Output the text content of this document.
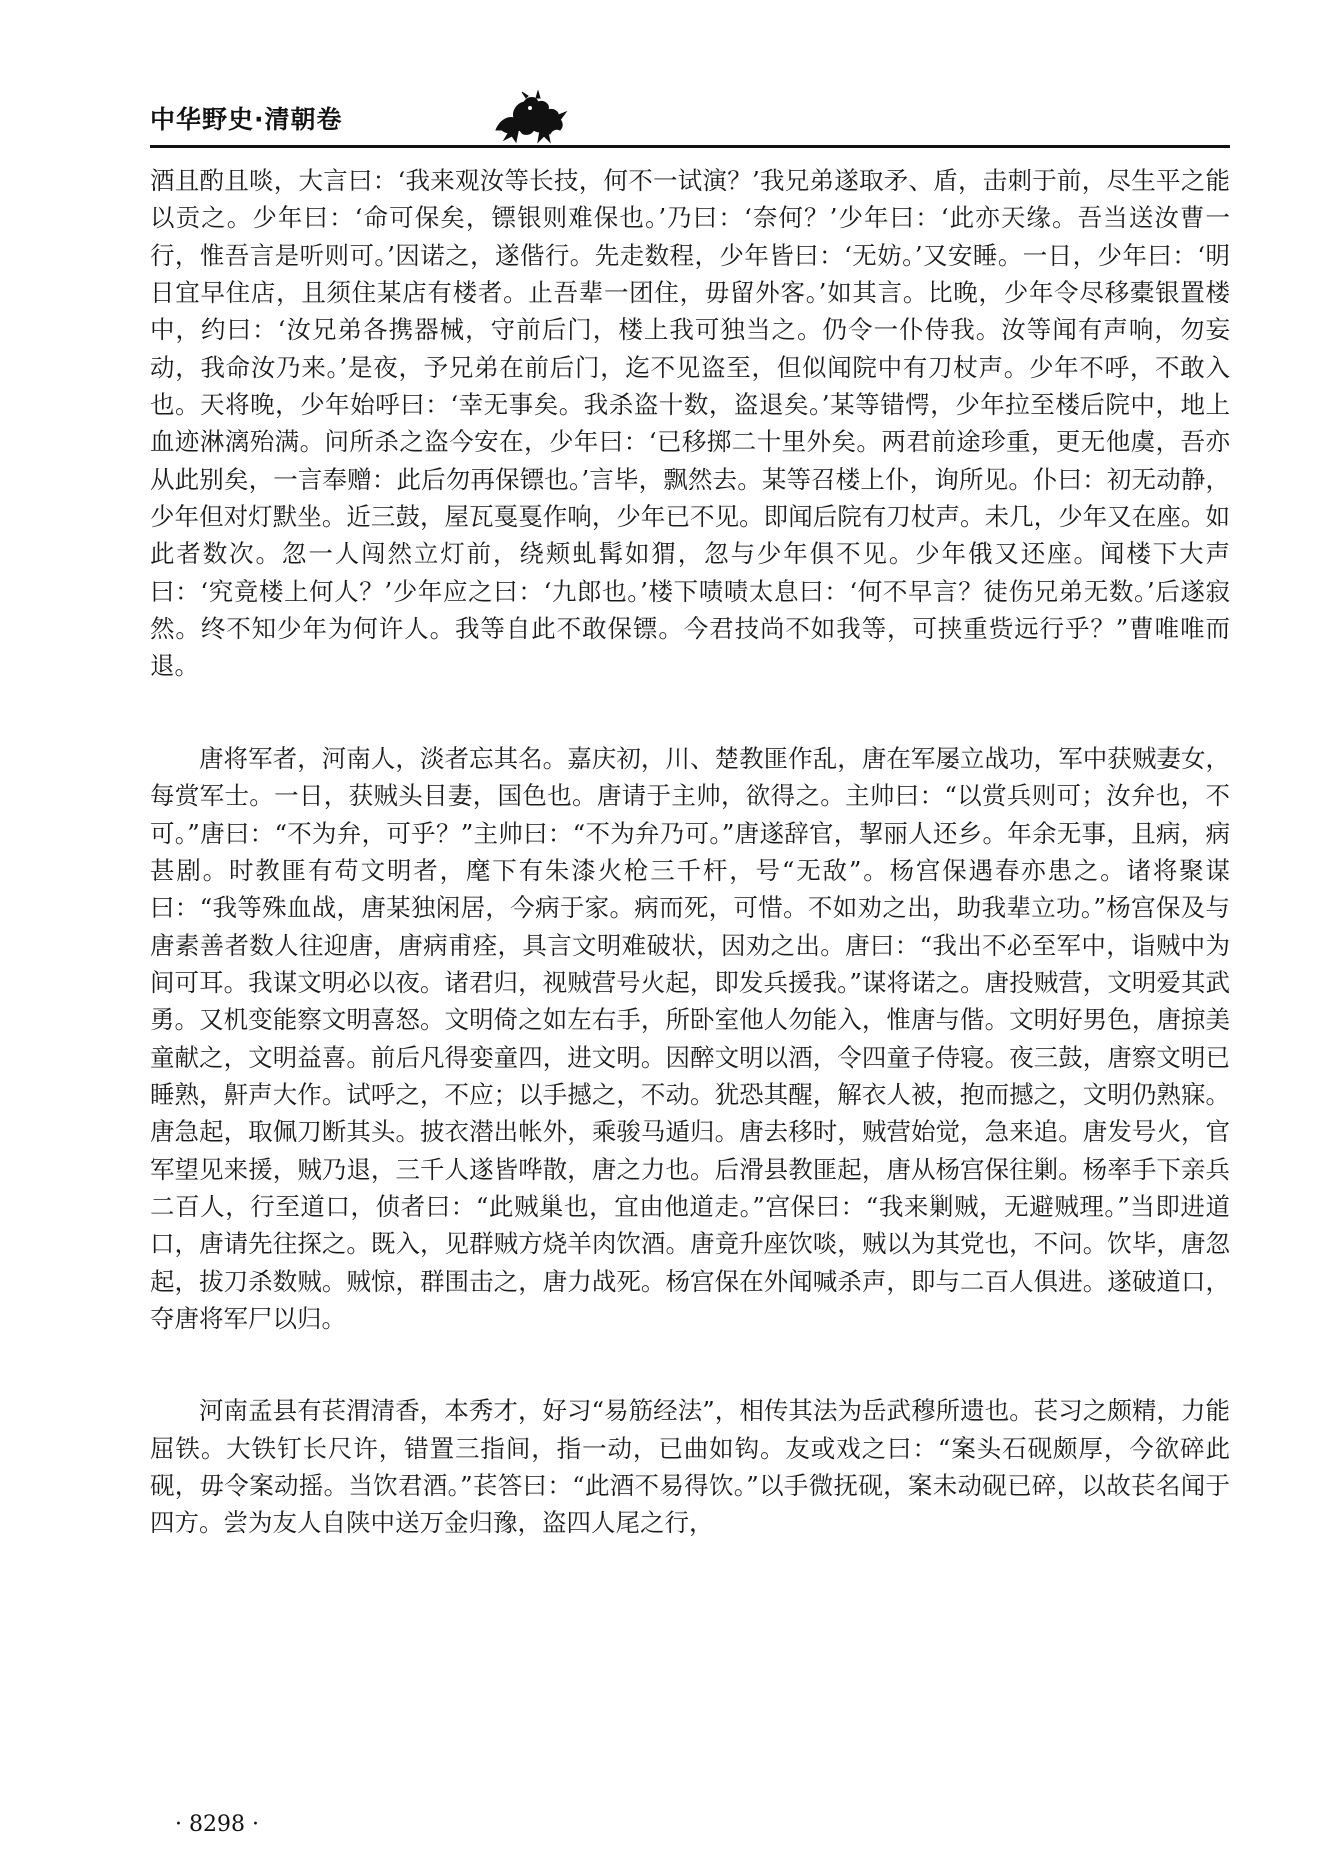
中华野史·清朝卷

酒且酌且啖，大言曰：‘我来观汝等长技，何不一试演？’我兄弟遂取矛、盾，击刺于前，尽生平之能以贡之。少年曰：‘命可保矣，镖银则难保也。’乃曰：‘奈何？’少年曰：‘此亦天缘。吾当送汝曹一行，惟吾言是听则可。’因诺之，遂偕行。先走数程，少年皆曰：‘无妨。’又安睡。一日，少年曰：‘明日宜早住店，且须住某店有楼者。止吾辈一团住，毋留外客。’如其言。比晚，少年令尽移橐银置楼中，约曰：‘汝兄弟各携器械，守前后门，楼上我可独当之。仍令一仆侍我。汝等闻有声响，勿妄动，我命汝乃来。’是夜，予兄弟在前后门，迄不见盗至，但似闻院中有刀杖声。少年不呼，不敢入也。天将晚，少年始呼曰：‘幸无事矣。我杀盗十数，盗退矣。’某等错愕，少年拉至楼后院中，地上血迹淋漓殆满。问所杀之盗今安在，少年曰：‘已移掷二十里外矣。两君前途珍重，更无他虞，吾亦从此别矣，一言奉赠：此后勿再保镖也。’言毕，飘然去。某等召楼上仆，询所见。仆曰：初无动静，少年但对灯默坐。近三鼓，屋瓦戛戛作响，少年已不见。即闻后院有刀杖声。未几，少年又在座。如此者数次。忽一人闯然立灯前，绕颊虬髯如猬，忽与少年俱不见。少年俄又还座。闻楼下大声曰：‘究竟楼上何人？’少年应之曰：‘九郎也。’楼下啧啧太息曰：‘何不早言？徒伤兄弟无数。’后遂寂然。终不知少年为何许人。我等自此不敢保镖。今君技尚不如我等，可挟重赀远行乎？”曹唯唯而退。

唐将军者，河南人，淡者忘其名。嘉庆初，川、楚教匪作乱，唐在军屡立战功，军中获贼妻女，每赏军士。一日，获贼头目妻，国色也。唐请于主帅，欲得之。主帅曰：“以赏兵则可；汝弁也，不可。”唐曰：“不为弁，可乎？”主帅曰：“不为弁乃可。”唐遂辞官，挈丽人还乡。年余无事，且病，病甚剧。时教匪有苟文明者，麾下有朱漆火枪三千杆，号“无敌”。杨宫保遇春亦患之。诸将聚谋曰：“我等殊血战，唐某独闲居，今病于家。病而死，可惜。不如劝之出，助我辈立功。”杨宫保及与唐素善者数人往迎唐，唐病甫痊，具言文明难破状，因劝之出。唐曰：“我出不必至军中，诣贼中为间可耳。我谋文明必以夜。诸君归，视贼营号火起，即发兵援我。”谋将诺之。唐投贼营，文明爱其武勇。又机变能察文明喜怒。文明倚之如左右手，所卧室他人勿能入，惟唐与偕。文明好男色，唐掠美童献之，文明益喜。前后凡得娈童四，进文明。因醉文明以酒，令四童子侍寝。夜三鼓，唐察文明已睡熟，鼾声大作。试呼之，不应；以手撼之，不动。犹恐其醒，解衣人被，抱而撼之，文明仍熟寐。唐急起，取佩刀断其头。披衣潜出帐外，乘骏马遁归。唐去移时，贼营始觉，急来追。唐发号火，官军望见来援，贼乃退，三千人遂皆哗散，唐之力也。后滑县教匪起，唐从杨宫保往剿。杨率手下亲兵二百人，行至道口，侦者曰：“此贼巢也，宜由他道走。”宫保曰：“我来剿贼，无避贼理。”当即进道口，唐请先往探之。既入，见群贼方烧羊肉饮酒。唐竟升座饮啖，贼以为其党也，不问。饮毕，唐忽起，拔刀杀数贼。贼惊，群围击之，唐力战死。杨宫保在外闻喊杀声，即与二百人俱进。遂破道口，夺唐将军尸以归。

河南孟县有苌渭清香，本秀才，好习“易筋经法”，相传其法为岳武穆所遗也。苌习之颇精，力能屈铁。大铁钉长尺许，错置三指间，指一动，已曲如钩。友或戏之曰：“案头石砚颇厚，今欲碎此砚，毋令案动摇。当饮君酒。”苌答曰：“此酒不易得饮。”以手微抚砚，案未动砚已碎，以故苌名闻于四方。尝为友人自陕中送万金归豫，盗四人尾之行，

· 8298 ·
